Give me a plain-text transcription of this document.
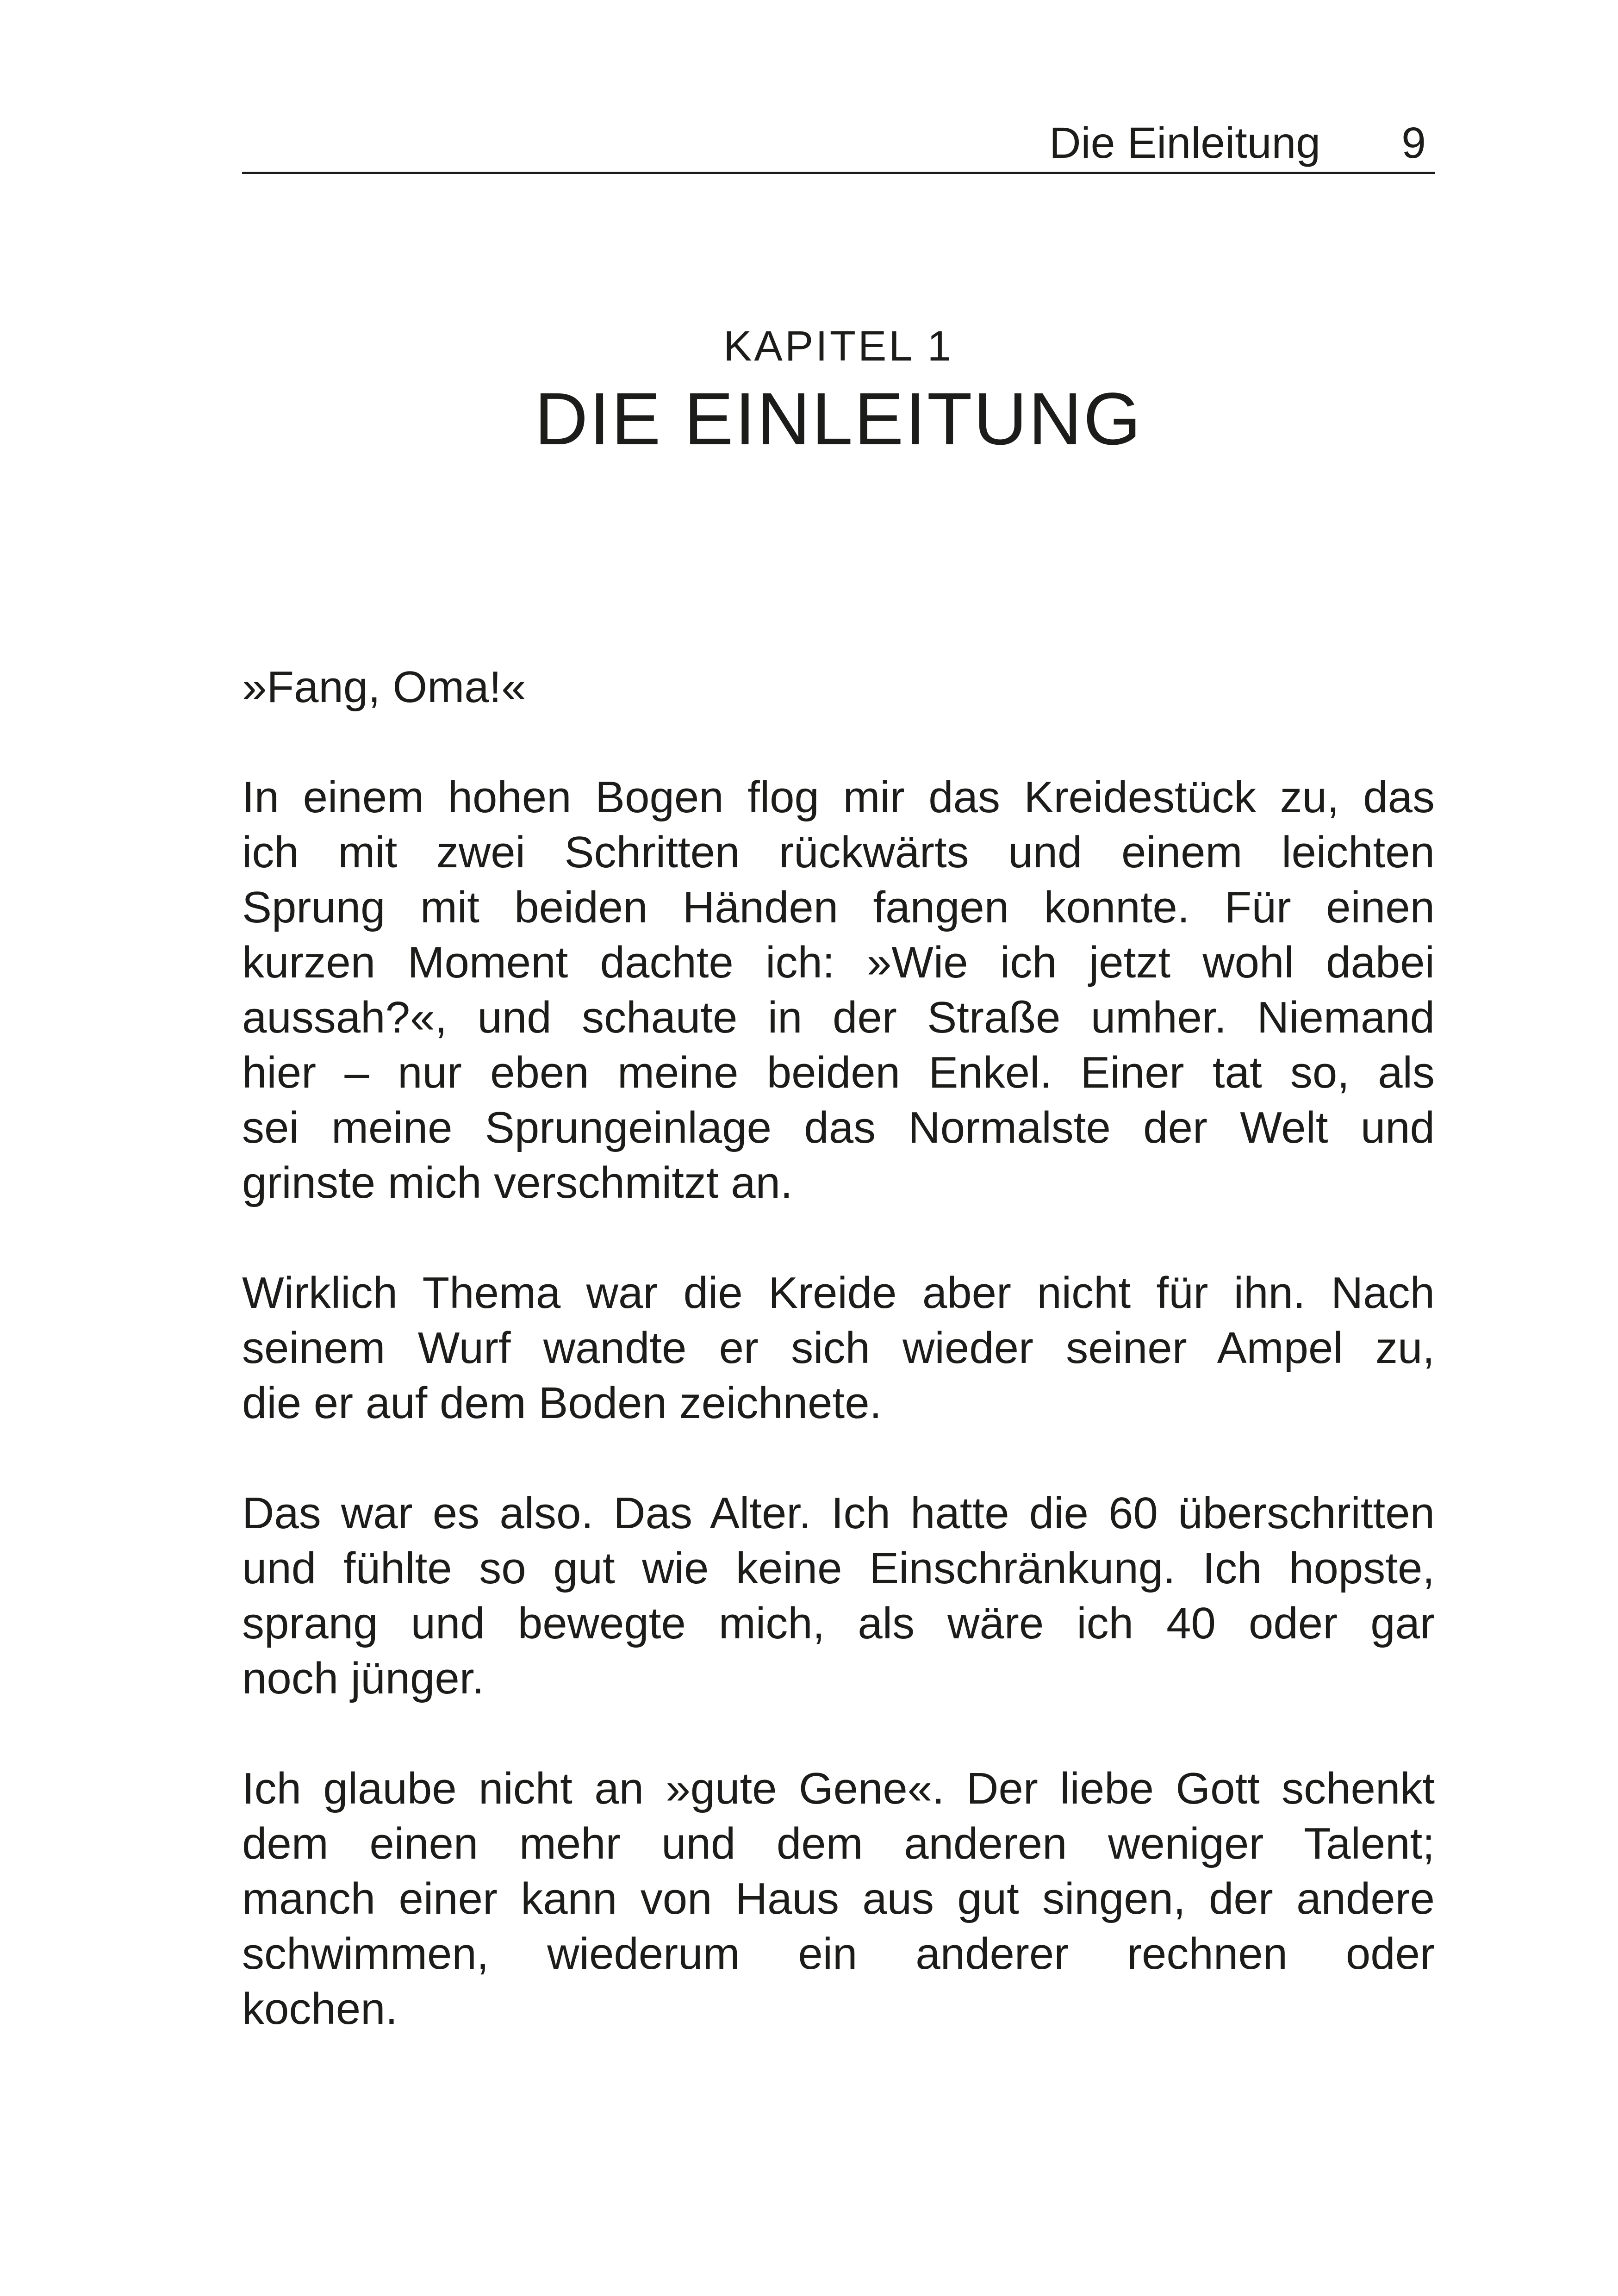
Die Einleitung 9
KAPITEL 1
DIE EINLEITUNG

»Fang, Oma!«

In einem hohen Bogen flog mir das Kreidestück zu, das
ich mit zwei Schritten rückwärts und einem leichten
Sprung mit beiden Händen fangen konnte. Für einen
kurzen Moment dachte ich: »Wie ich jetzt wohl dabei
aussah?«, und schaute in der Straße umher. Niemand
hier – nur eben meine beiden Enkel. Einer tat so, als
sei meine Sprungeinlage das Normalste der Welt und
grinste mich verschmitzt an.

Wirklich Thema war die Kreide aber nicht für ihn. Nach
seinem Wurf wandte er sich wieder seiner Ampel zu,
die er auf dem Boden zeichnete.

Das war es also. Das Alter. Ich hatte die 60 überschritten
und fühlte so gut wie keine Einschränkung. Ich hopste,
sprang und bewegte mich, als wäre ich 40 oder gar
noch jünger.

Ich glaube nicht an »gute Gene«. Der liebe Gott schenkt
dem einen mehr und dem anderen weniger Talent;
manch einer kann von Haus aus gut singen, der andere
schwimmen, wiederum ein anderer rechnen oder
kochen.
